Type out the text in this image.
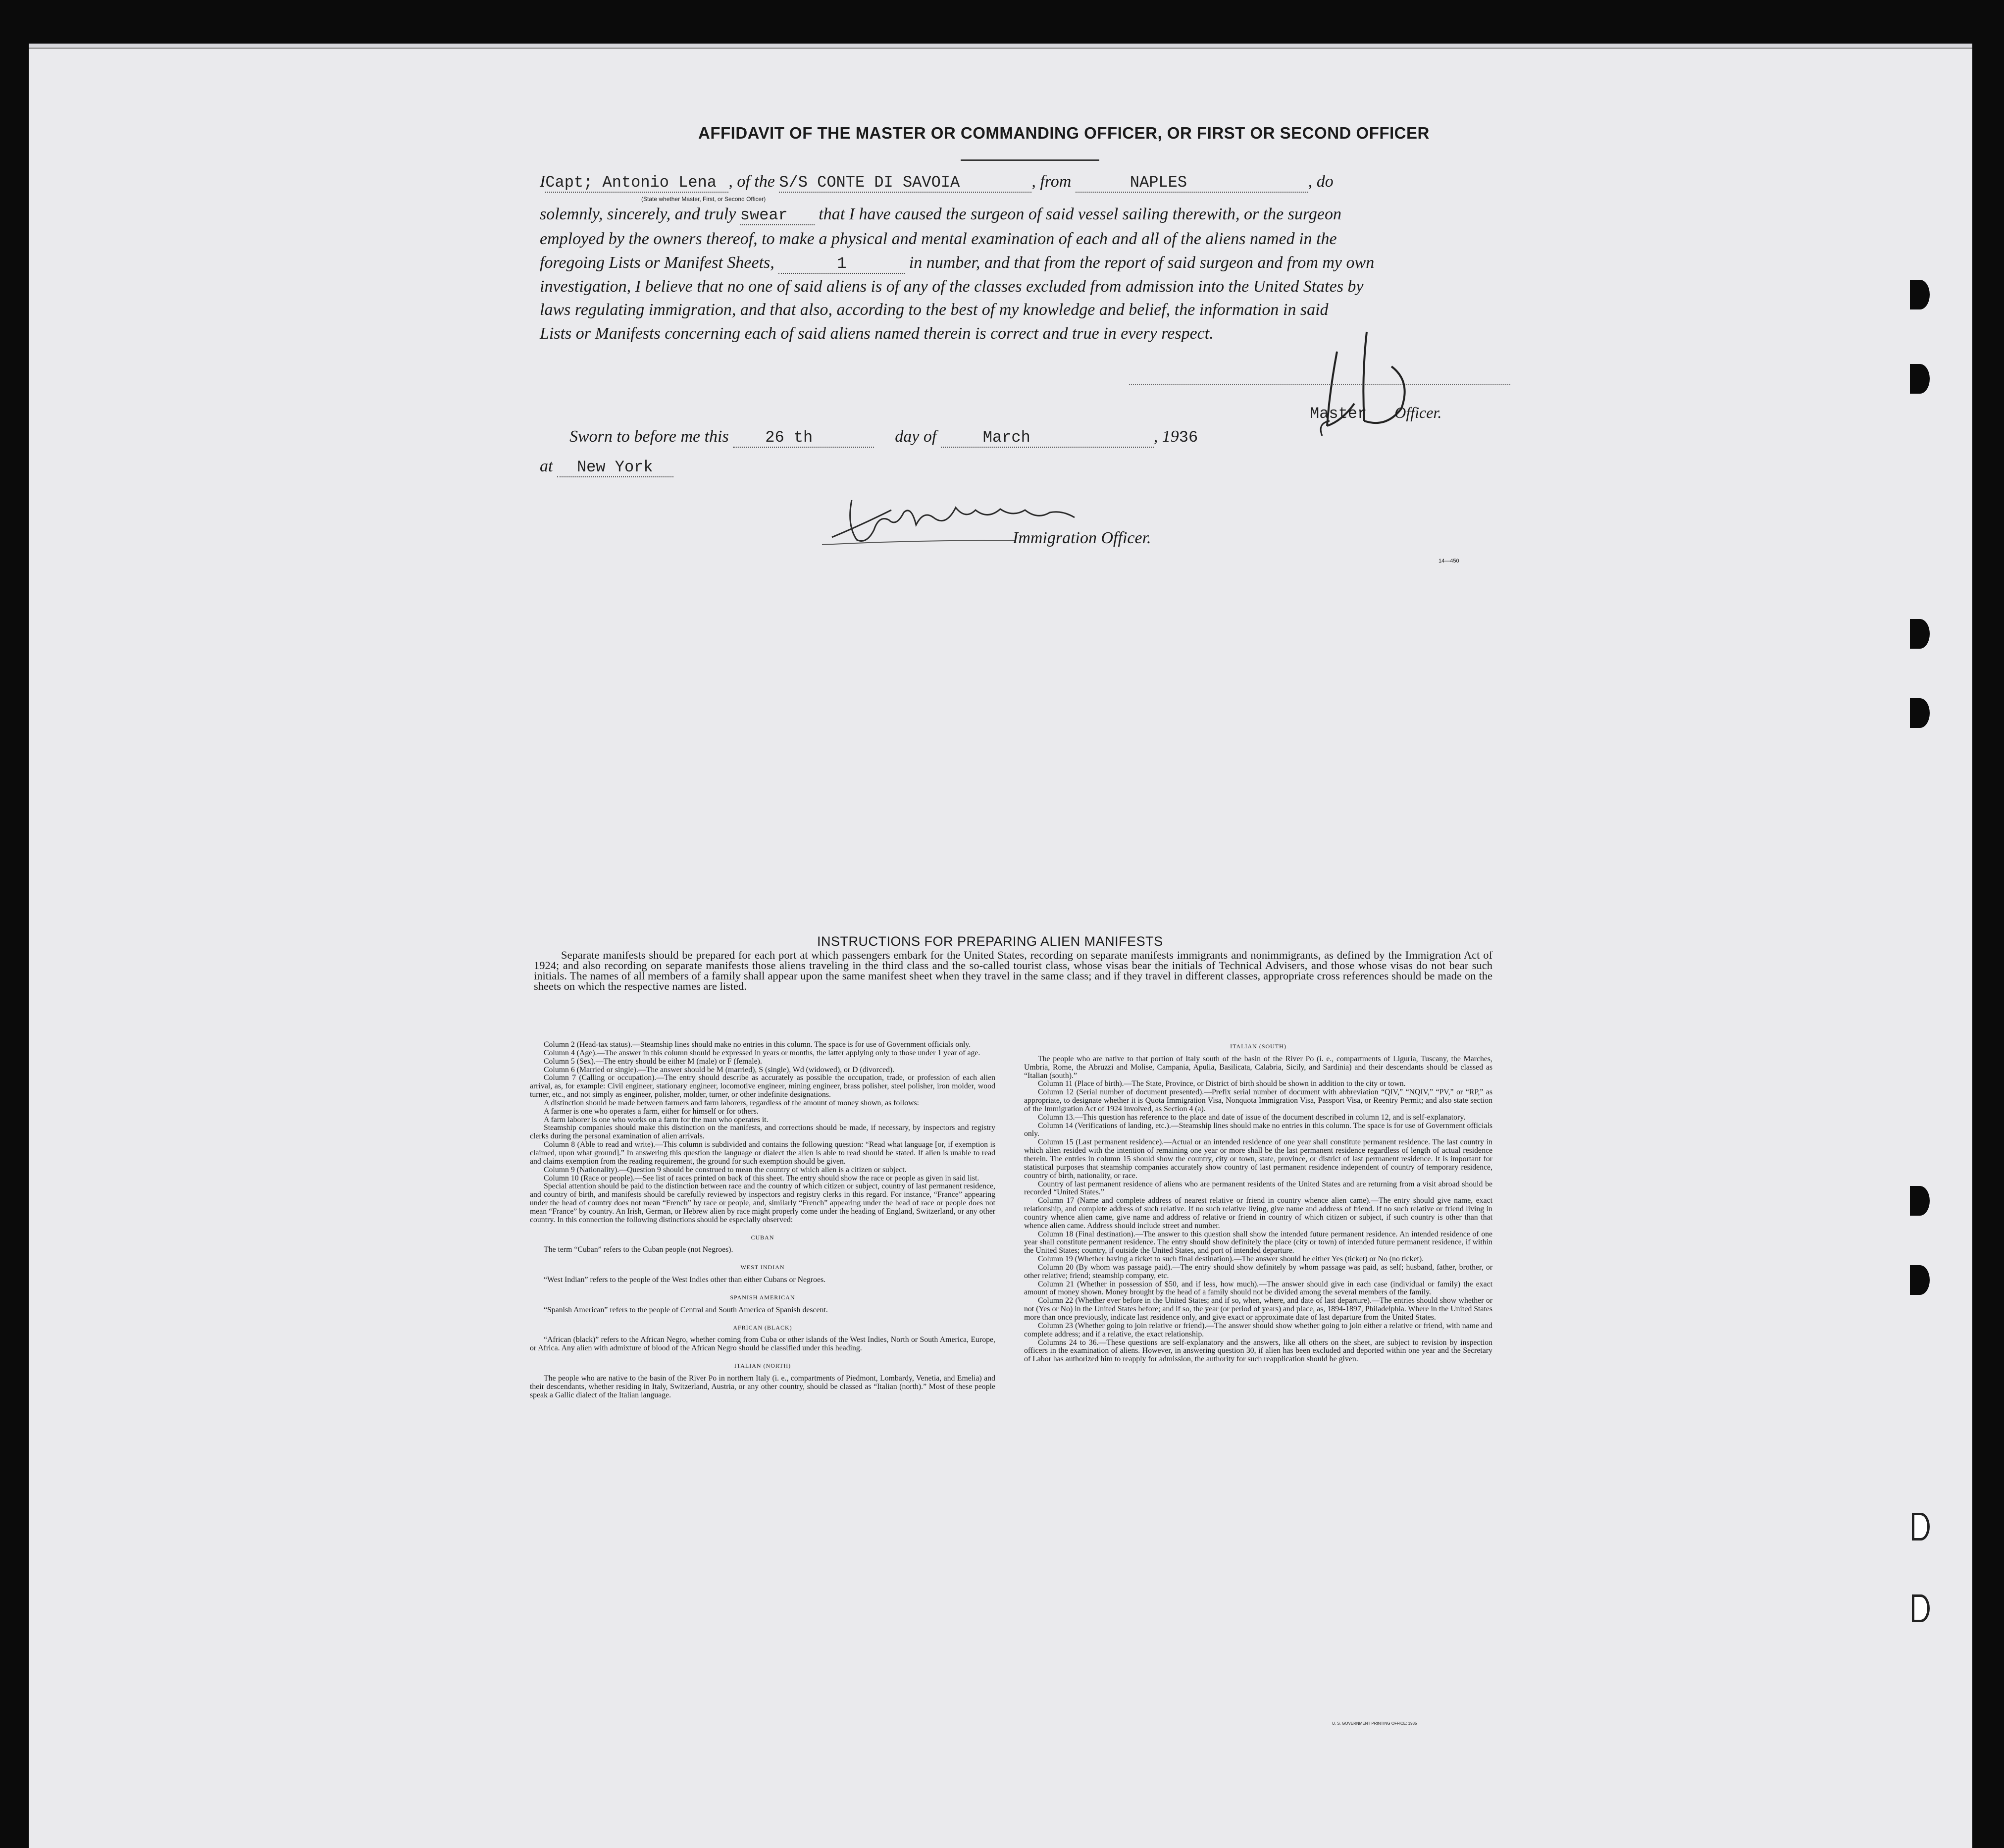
AFFIDAVIT OF THE MASTER OR COMMANDING OFFICER, OR FIRST OR SECOND OFFICER
ICapt; Antonio Lena , of the S/S CONTE DI SAVOIA	, from	NAPLES	, do
(State whether Master, First, or Second Officer)
solemnly, sincerely, and truly swear that I have caused the surgeon of said vessel sailing therewith, or the surgeon
employed by the owners thereof, to make a physical and mental examination of each and all of the aliens named in the
foregoing Lists or Manifest Sheets,	1	in number, and that from the report of said surgeon and from my own
investigation, I believe that no one of said aliens is of any of the classes excluded from admission into the United States by
laws regulating immigration, and that also, according to the best of my knowledge and belief, the information in said
Lists or Manifests concerning each of said aliens named therein is correct and true in every respect.
Master Officer.
Sworn to before me this 26 th	day of	March	, 1936
at New York
Immigration Officer.
14—450
INSTRUCTIONS FOR PREPARING ALIEN MANIFESTS
Separate manifests should be prepared for each port at which passengers embark for the United States, recording on separate manifests immigrants and nonimmigrants, as defined by the Immigration Act of 1924; and also recording on separate manifests those aliens traveling in the third class and the so-called tourist class, whose visas bear the initials of Technical Advisers, and those whose visas do not bear such initials. The names of all members of a family shall appear upon the same manifest sheet when they travel in the same class; and if they travel in different classes, appropriate cross references should be made on the sheets on which the respective names are listed.

Column 2 (Head-tax status).—Steamship lines should make no entries in this column. The space is for use of Government officials only.

Column 4 (Age).—The answer in this column should be expressed in years or months, the latter applying only to those under 1 year of age.

Column 5 (Sex).—The entry should be either M (male) or F (female).

Column 6 (Married or single).—The answer should be M (married), S (single), Wd (widowed), or D (divorced).

Column 7 (Calling or occupation).—The entry should describe as accurately as possible the occupation, trade, or profession of each alien arrival, as, for example: Civil engineer, stationary engineer, locomotive engineer, mining engineer, brass polisher, steel polisher, iron molder, wood turner, etc., and not simply as engineer, polisher, molder, turner, or other indefinite designations.

A distinction should be made between farmers and farm laborers, regardless of the amount of money shown, as follows:

A farmer is one who operates a farm, either for himself or for others.

A farm laborer is one who works on a farm for the man who operates it.

Steamship companies should make this distinction on the manifests, and corrections should be made, if necessary, by inspectors and registry clerks during the personal examination of alien arrivals.

Column 8 (Able to read and write).—This column is subdivided and contains the following question: “Read what language [or, if exemption is claimed, upon what ground].” In answering this question the language or dialect the alien is able to read should be stated. If alien is unable to read and claims exemption from the reading requirement, the ground for such exemption should be given.

Column 9 (Nationality).—Question 9 should be construed to mean the country of which alien is a citizen or subject.

Column 10 (Race or people).—See list of races printed on back of this sheet. The entry should show the race or people as given in said list.

Special attention should be paid to the distinction between race and the country of which citizen or subject, country of last permanent residence, and country of birth, and manifests should be carefully reviewed by inspectors and registry clerks in this regard. For instance, “France” appearing under the head of country does not mean “French” by race or people, and, similarly “French” appearing under the head of race or people does not mean “France” by country. An Irish, German, or Hebrew alien by race might properly come under the heading of England, Switzerland, or any other country. In this connection the following distinctions should be especially observed:

CUBAN

The term “Cuban” refers to the Cuban people (not Negroes).

WEST INDIAN

“West Indian” refers to the people of the West Indies other than either Cubans or Negroes.

SPANISH AMERICAN

“Spanish American” refers to the people of Central and South America of Spanish descent.

AFRICAN (BLACK)

“African (black)” refers to the African Negro, whether coming from Cuba or other islands of the West Indies, North or South America, Europe, or Africa. Any alien with admixture of blood of the African Negro should be classified under this heading.

ITALIAN (NORTH)

The people who are native to the basin of the River Po in northern Italy (i. e., compartments of Piedmont, Lombardy, Venetia, and Emelia) and their descendants, whether residing in Italy, Switzerland, Austria, or any other country, should be classed as “Italian (north).” Most of these people speak a Gallic dialect of the Italian language.

ITALIAN (SOUTH)

The people who are native to that portion of Italy south of the basin of the River Po (i. e., compartments of Liguria, Tuscany, the Marches, Umbria, Rome, the Abruzzi and Molise, Campania, Apulia, Basilicata, Calabria, Sicily, and Sardinia) and their descendants should be classed as “Italian (south).”

Column 11 (Place of birth).—The State, Province, or District of birth should be shown in addition to the city or town.

Column 12 (Serial number of document presented).—Prefix serial number of document with abbreviation “QIV,” “NQIV,” “PV,” or “RP,” as appropriate, to designate whether it is Quota Immigration Visa, Nonquota Immigration Visa, Passport Visa, or Reentry Permit; and also state section of the Immigration Act of 1924 involved, as Section 4 (a).

Column 13.—This question has reference to the place and date of issue of the document described in column 12, and is self-explanatory.

Column 14 (Verifications of landing, etc.).—Steamship lines should make no entries in this column. The space is for use of Government officials only.

Column 15 (Last permanent residence).—Actual or an intended residence of one year shall constitute permanent residence. The last country in which alien resided with the intention of remaining one year or more shall be the last permanent residence regardless of length of actual residence therein. The entries in column 15 should show the country, city or town, state, province, or district of last permanent residence. It is important for statistical purposes that steamship companies accurately show country of last permanent residence independent of country of temporary residence, country of birth, nationality, or race.

Country of last permanent residence of aliens who are permanent residents of the United States and are returning from a visit abroad should be recorded “United States.”

Column 17 (Name and complete address of nearest relative or friend in country whence alien came).—The entry should give name, exact relationship, and complete address of such relative. If no such relative living, give name and address of friend. If no such relative or friend living in country whence alien came, give name and address of relative or friend in country of which citizen or subject, if such country is other than that whence alien came. Address should include street and number.

Column 18 (Final destination).—The answer to this question shall show the intended future permanent residence. An intended residence of one year shall constitute permanent residence. The entry should show definitely the place (city or town) of intended future permanent residence, if within the United States; country, if outside the United States, and port of intended departure.

Column 19 (Whether having a ticket to such final destination).—The answer should be either Yes (ticket) or No (no ticket).

Column 20 (By whom was passage paid).—The entry should show definitely by whom passage was paid, as self; husband, father, brother, or other relative; friend; steamship company, etc.

Column 21 (Whether in possession of $50, and if less, how much).—The answer should give in each case (individual or family) the exact amount of money shown. Money brought by the head of a family should not be divided among the several members of the family.

Column 22 (Whether ever before in the United States; and if so, when, where, and date of last departure).—The entries should show whether or not (Yes or No) in the United States before; and if so, the year (or period of years) and place, as, 1894-1897, Philadelphia. Where in the United States more than once previously, indicate last residence only, and give exact or approximate date of last departure from the United States.

Column 23 (Whether going to join relative or friend).—The answer should show whether going to join either a relative or friend, with name and complete address; and if a relative, the exact relationship.

Columns 24 to 36.—These questions are self-explanatory and the answers, like all others on the sheet, are subject to revision by inspection officers in the examination of aliens. However, in answering question 30, if alien has been excluded and deported within one year and the Secretary of Labor has authorized him to reapply for admission, the authority for such reapplication should be given.

U. S. GOVERNMENT PRINTING OFFICE: 1935
